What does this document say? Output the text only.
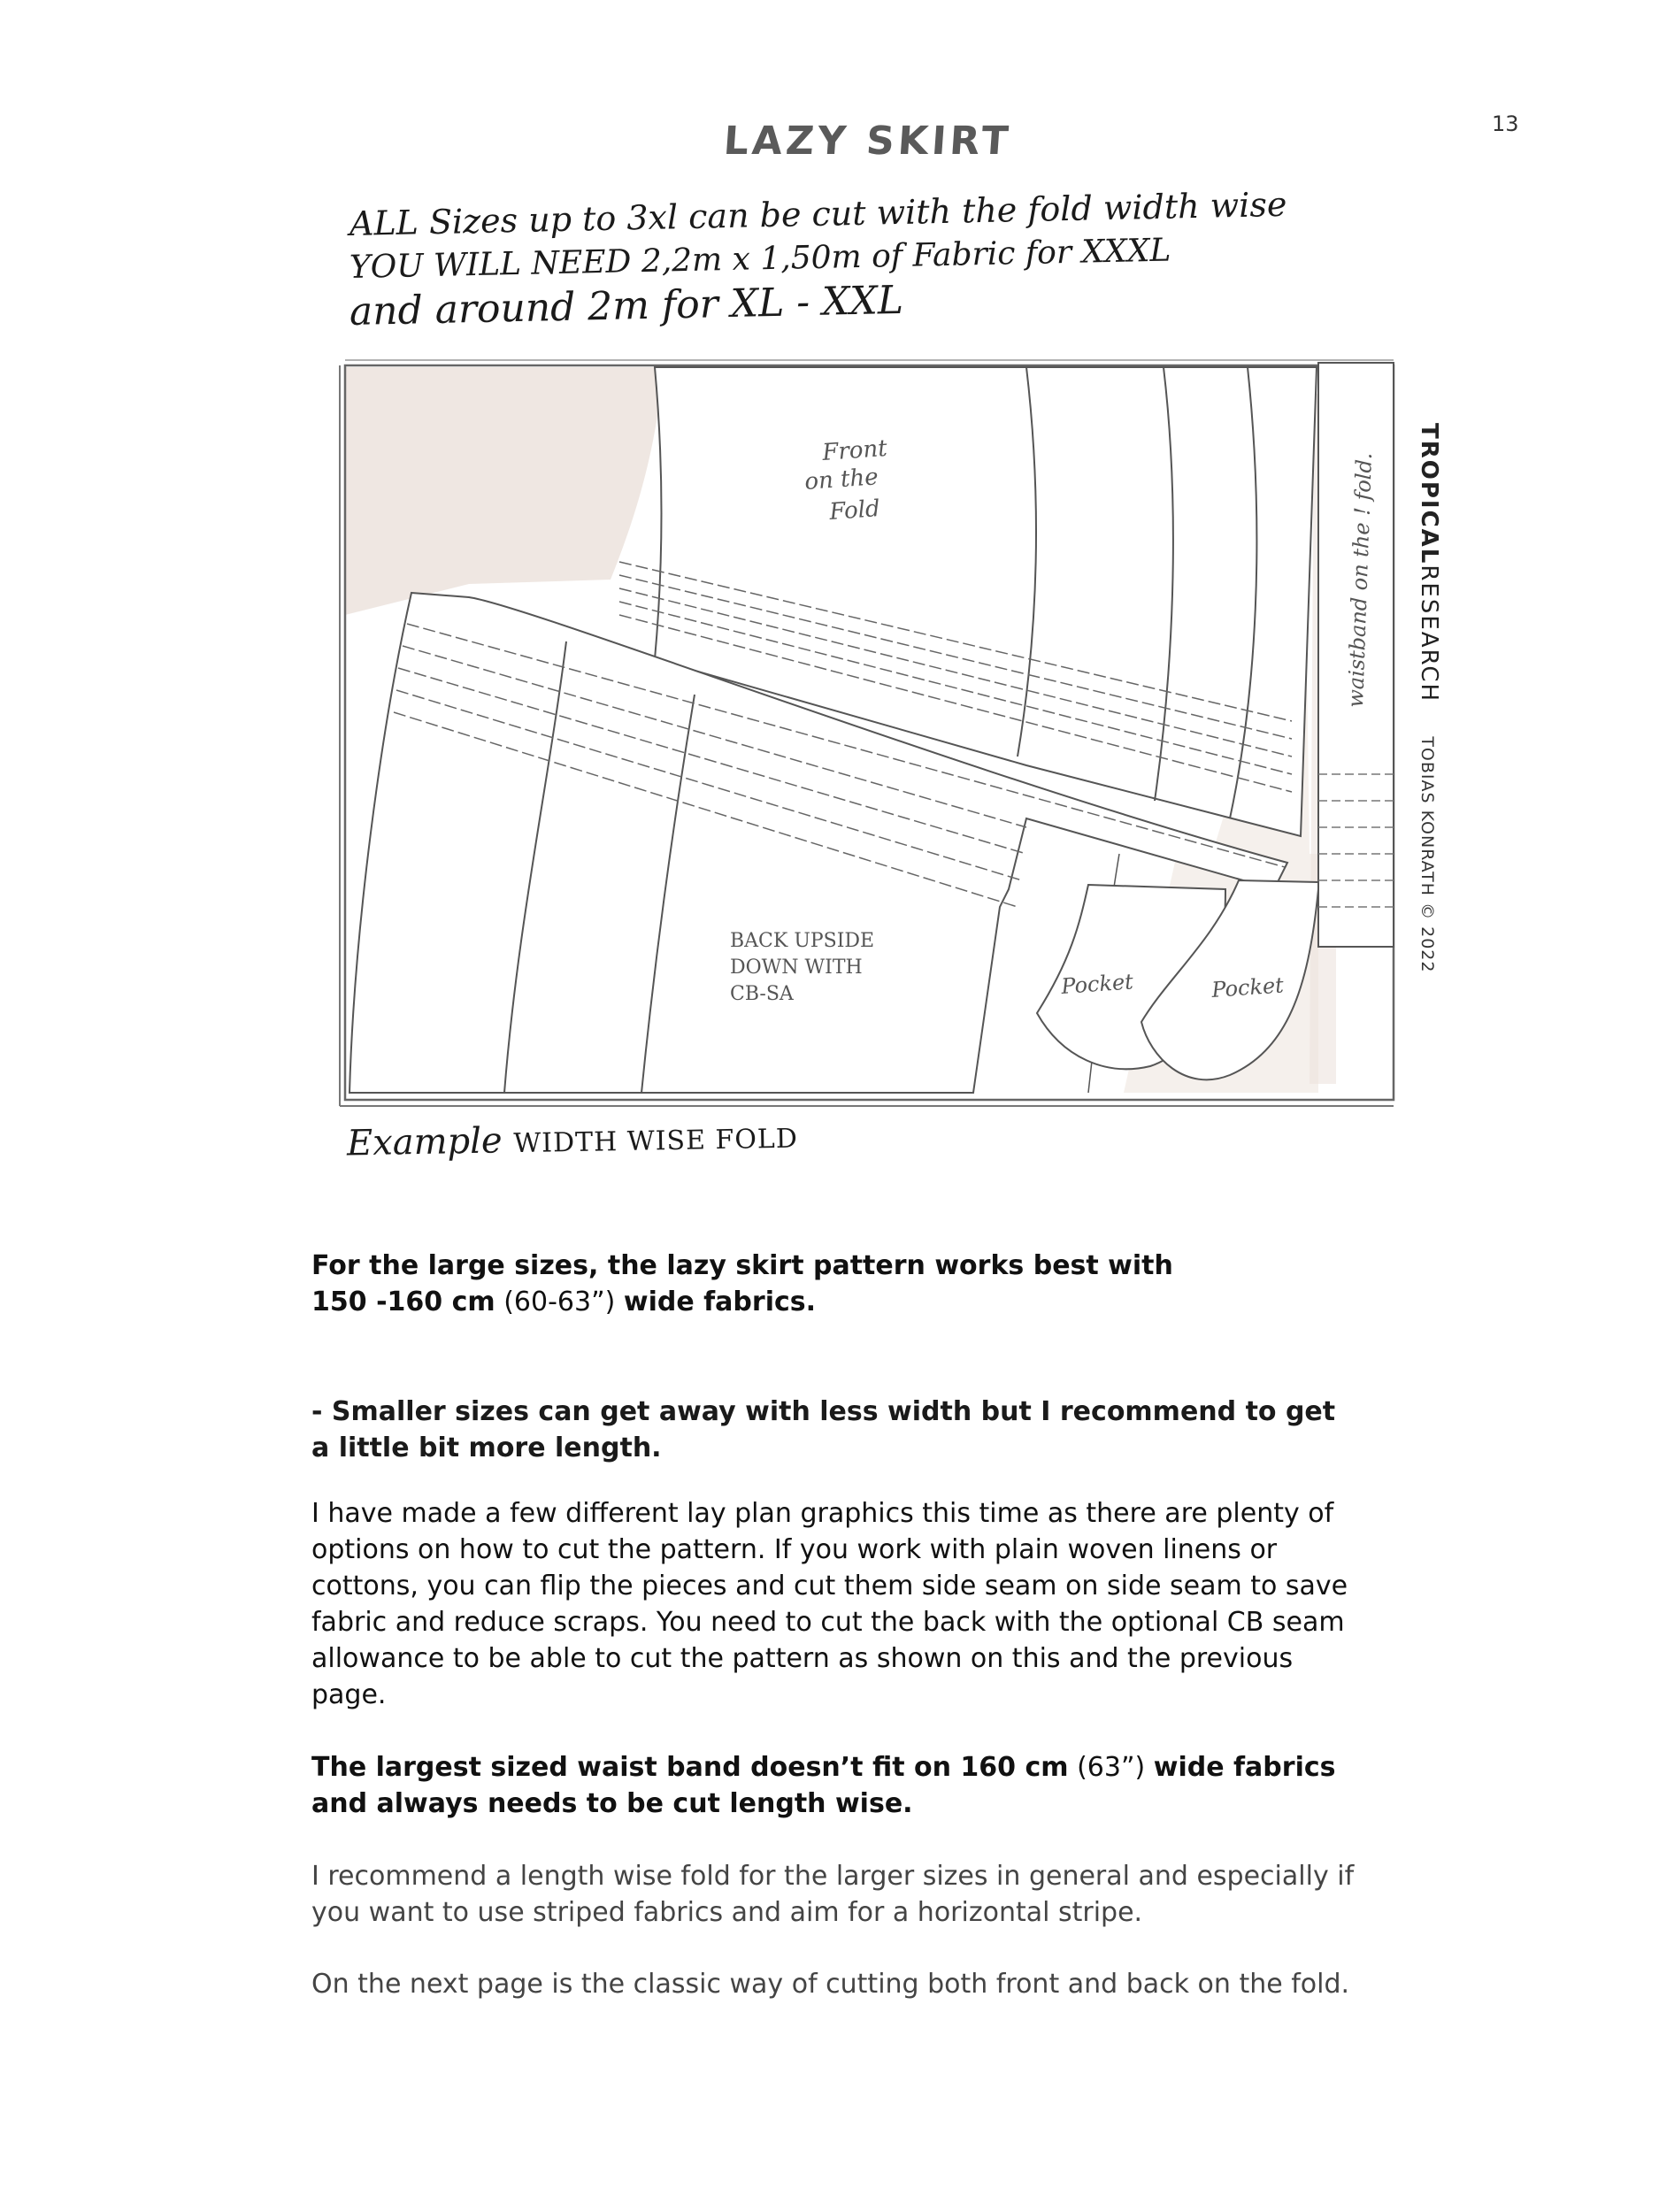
13
LAZY SKIRT
ALL Sizes up to 3xl can be cut with the fold width wise
YOU WILL NEED 2,2m x 1,50m of Fabric for XXXL
and around 2m for XL - XXL
TROPICALRESEARCH TOBIAS KONRATH © 2022
Front
on the
Fold
BACK UPSIDE
DOWN WITH
CB-SA	Pocket	Pocket
waistband on the ! fold.
Example WIDTH WISE FOLD

For the large sizes, the lazy skirt pattern works best with

150 -160 cm (60-63”) wide fabrics.

- Smaller sizes can get away with less width but I recommend to get a little bit more length.

I have made a few different lay plan graphics this time as there are plenty of options on how to cut the pattern. If you work with plain woven linens or cottons, you can flip the pieces and cut them side seam on side seam to save fabric and reduce scraps. You need to cut the back with the optional CB seam allowance to be able to cut the pattern as shown on this and the previous page.

The largest sized waist band doesn’t fit on 160 cm (63”) wide fabrics and always needs to be cut length wise.

I recommend a length wise fold for the larger sizes in general and especially if you want to use striped fabrics and aim for a horizontal stripe.

On the next page is the classic way of cutting both front and back on the fold.
